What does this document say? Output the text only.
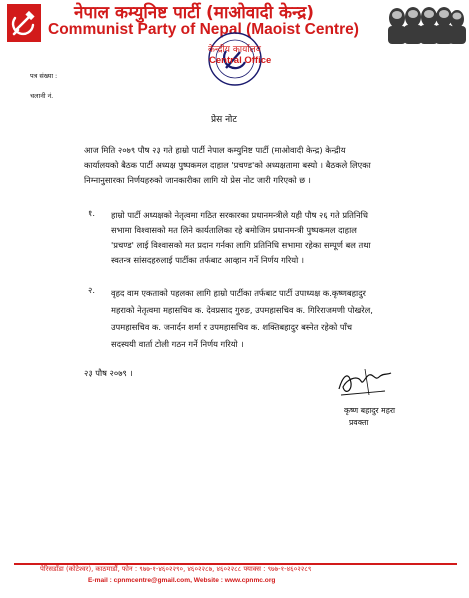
नेपाल कम्युनिष्ट पार्टी (माओवादी केन्द्र)
Communist Party of Nepal (Maoist Centre)
केन्द्रीय कार्यालय
Central Office
पत्र संख्या :
चलानी नं.
प्रेस नोट
आज मिति २०७९ पौष २३ गते हाम्रो पार्टी नेपाल कम्युनिष्ट पार्टी (माओवादी केन्द्र) केन्द्रीय
कार्यालयको बैठक पार्टी अध्यक्ष पुष्पकमल दाहाल 'प्रचण्ड'को अध्यक्षतामा बस्यो । बैठकले लिएका
निम्नानुसारका निर्णयहरुको जानकारीका लागि यो प्रेस नोट जारी गरिएको छ ।
१. हाम्रो पार्टी अध्यक्षको नेतृत्वमा गठित सरकारका प्रधानमन्त्रीले यही पौष २६ गते प्रतिनिधि
सभामा विश्वासको मत लिने कार्यतालिका रहे बमोजिम प्रधानमन्त्री पुष्पकमल दाहाल
'प्रचण्ड' लाई विश्वासको मत प्रदान गर्नका लागि प्रतिनिधि सभामा रहेका सम्पूर्ण बल तथा
स्वतन्त्र सांसदहरुलाई पार्टीका तर्फबाट आव्हान गर्ने निर्णय गरियो ।
२. वृहद वाम एकताको पहलका लागि हाम्रो पार्टीका तर्फबाट पार्टी उपाध्यक्ष क.कृष्णबहादुर
महराको नेतृत्वमा महासचिव क. देवप्रसाद गुरुङ, उपमहासचिव क. गिरिराजमणी पोखरेल,
उपमहासचिव क. जनार्दन शर्मा र उपमहासचिव क. शक्तिबहादुर बस्नेत रहेको पाँच
सदस्ययी वार्ता टोली गठन गर्ने निर्णय गरियो ।
२३ पौष २०७९ ।
कृष्ण बहादुर महरा
प्रवक्ता
पेरिसडाँडा (कोटेश्वर), काठमाडौं, फोन : ९७७-१-४६०२२९०, ४६०२२८७, ४६०२२८८ फ्याक्स : ९७७-१-४६०२२८९
E-mail : cpnmcentre@gmail.com, Website : www.cpnmc.org
